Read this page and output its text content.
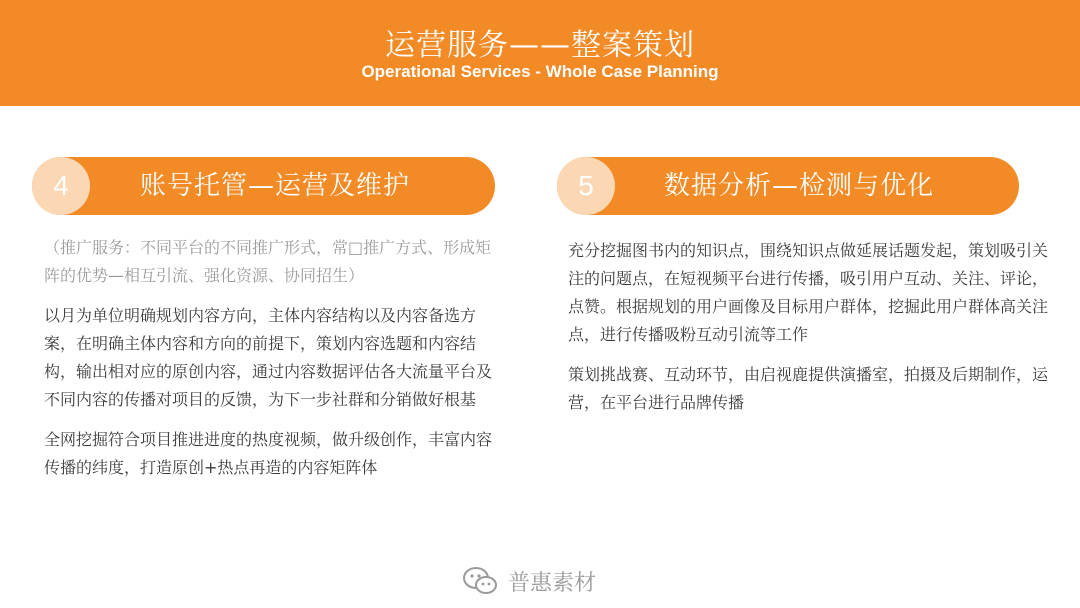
运营服务——整案策划
Operational Services - Whole Case Planning
4	账号托管—运营及维护

（推广服务：不同平台的不同推广形式，常□推广方式、形成矩阵的优势—相互引流、强化资源、协同招生）

以月为单位明确规划内容方向，主体内容结构以及内容备选方案，在明确主体内容和方向的前提下，策划内容选题和内容结构，输出相对应的原创内容，通过内容数据评估各大流量平台及不同内容的传播对项目的反馈，为下一步社群和分销做好根基

全网挖掘符合项目推进进度的热度视频，做升级创作，丰富内容传播的纬度，打造原创+热点再造的内容矩阵体

5	数据分析—检测与优化

充分挖掘图书内的知识点，围绕知识点做延展话题发起，策划吸引关注的问题点，在短视频平台进行传播，吸引用户互动、关注、评论，点赞。根据规划的用户画像及目标用户群体，挖掘此用户群体高关注点，进行传播吸粉互动引流等工作

策划挑战赛、互动环节，由启视鹿提供演播室，拍摄及后期制作，运营，在平台进行品牌传播

普惠素材
